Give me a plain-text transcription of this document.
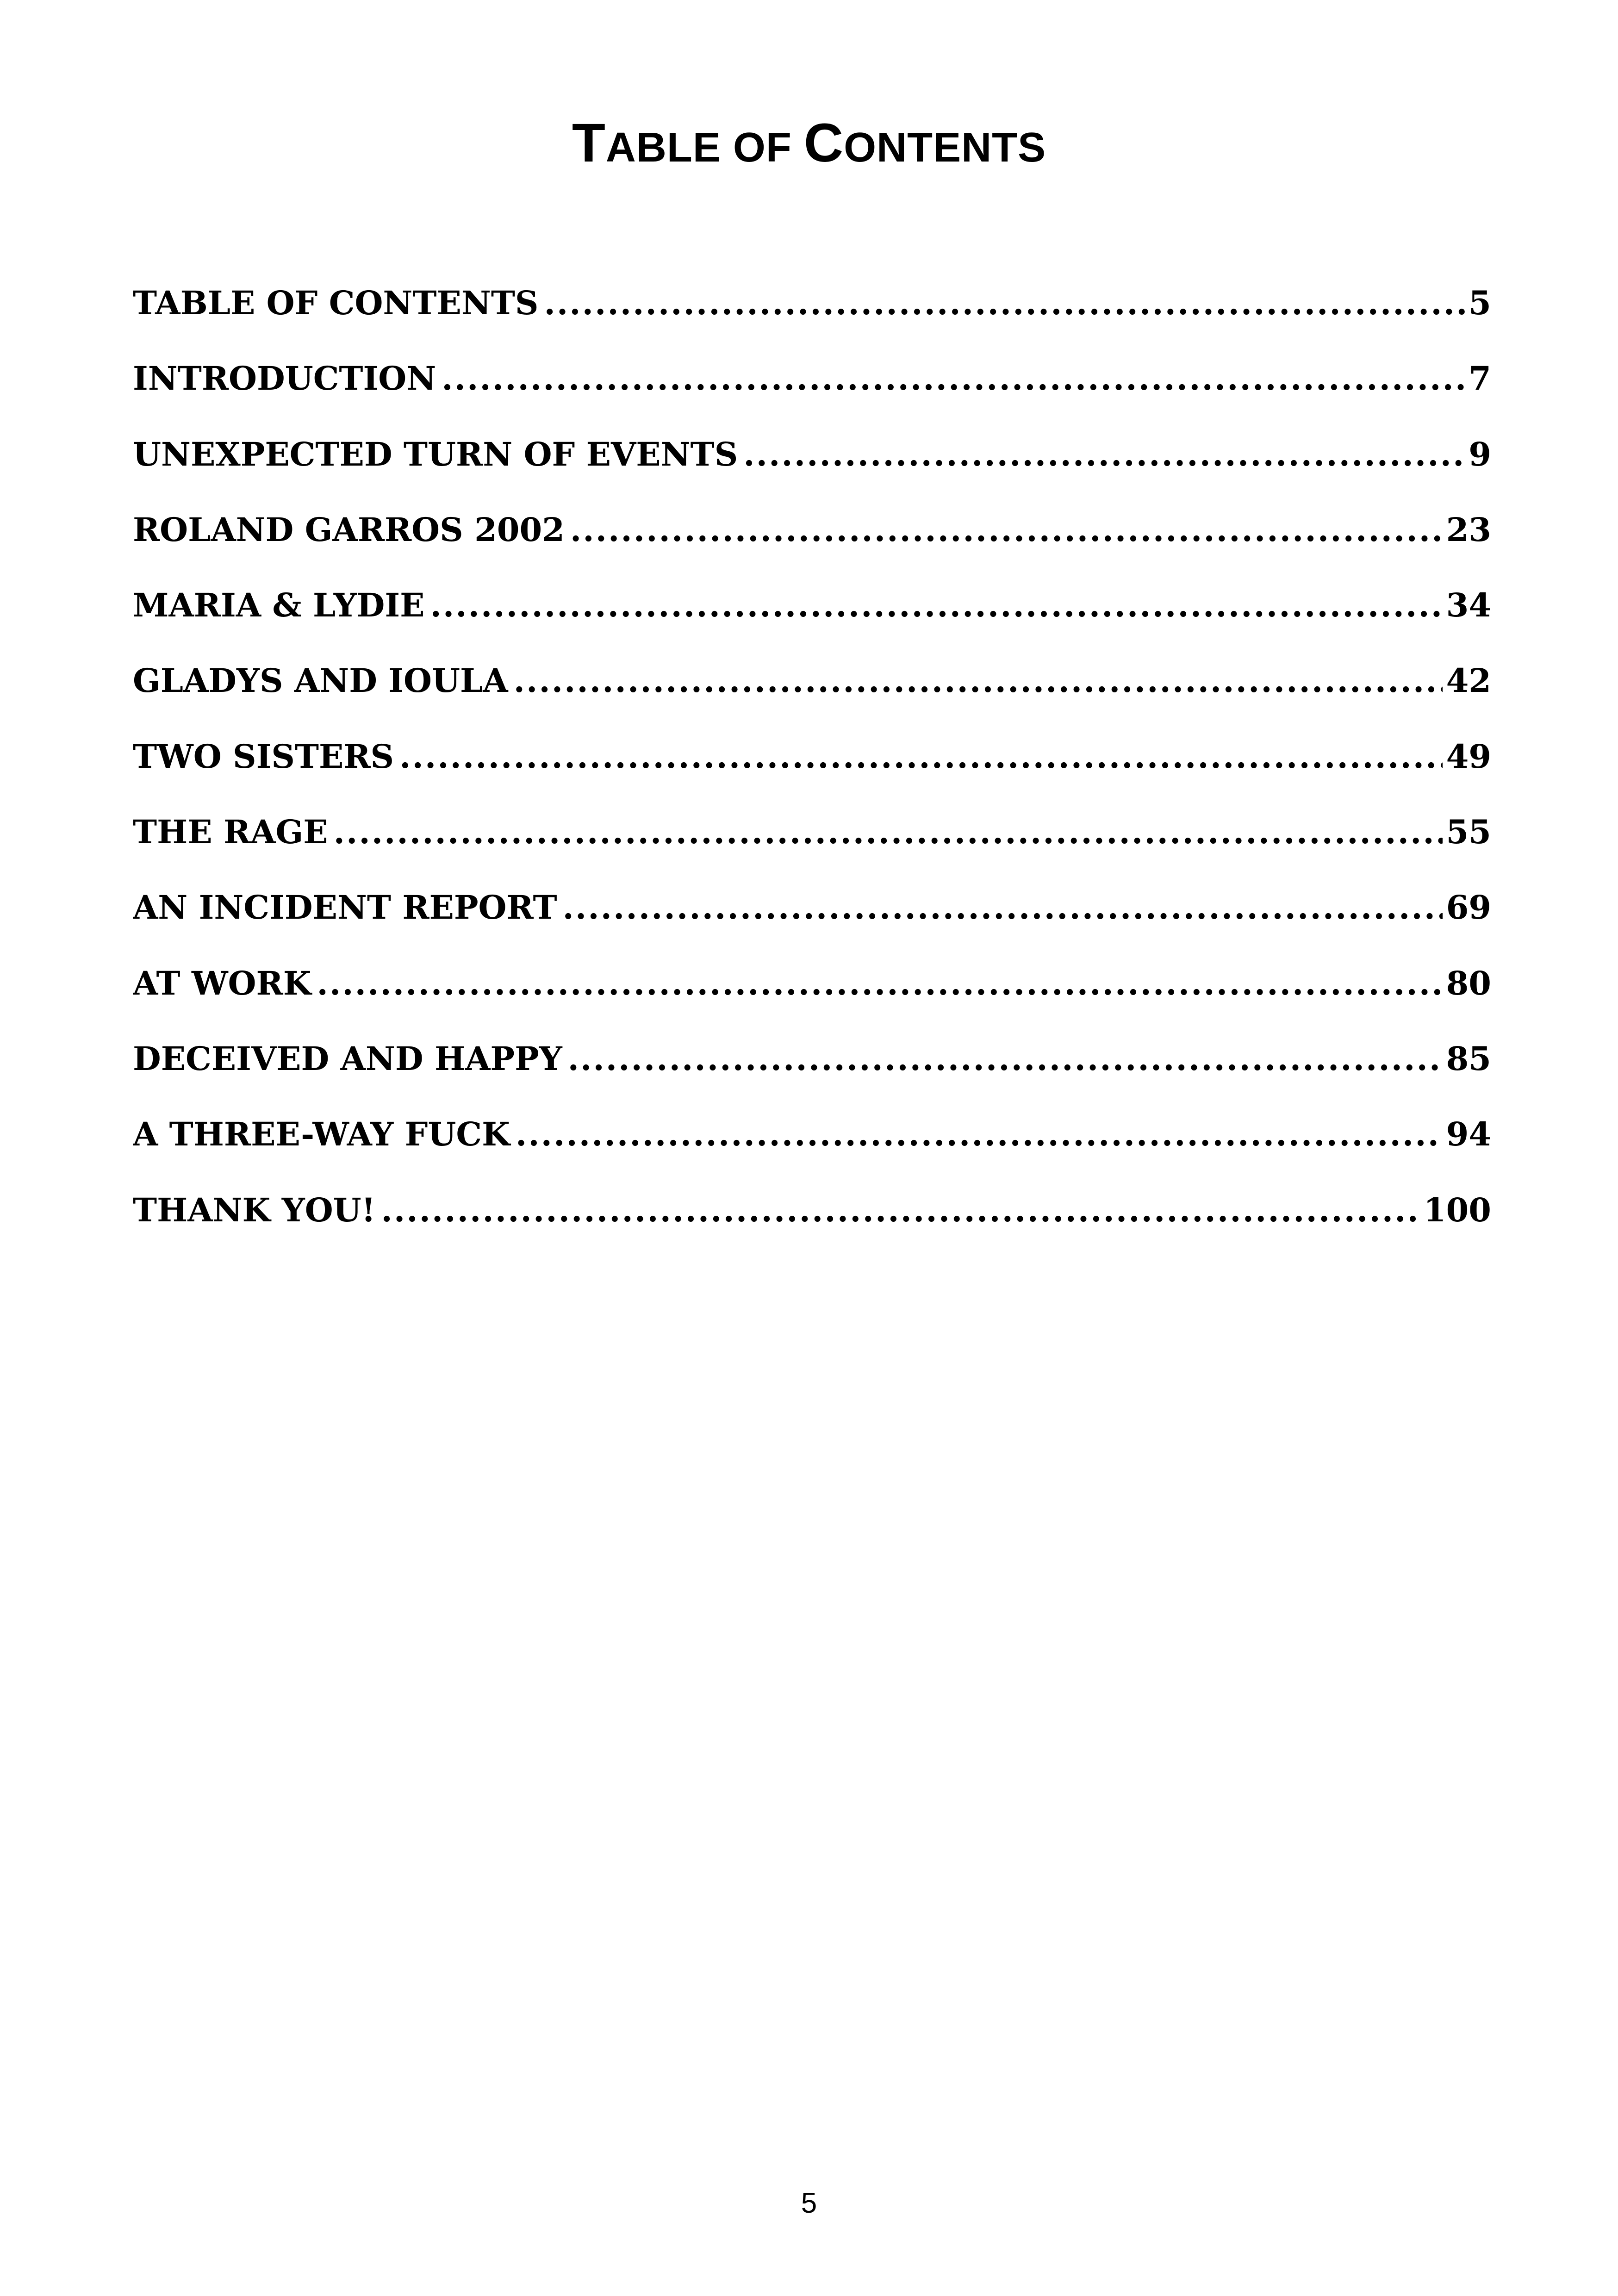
TABLE OF CONTENTS
TABLE OF CONTENTS .....	5
INTRODUCTION .....	7
UNEXPECTED TURN OF EVENTS .....	9
ROLAND GARROS 2002 .....	23
MARIA & LYDIE .....	34
GLADYS AND IOULA .....	42
TWO SISTERS .....	49
THE RAGE .....	55
AN INCIDENT REPORT .....	69
AT WORK .....	80
DECEIVED AND HAPPY .....	85
A THREE-WAY FUCK .....	94
THANK YOU! .....	100
5
